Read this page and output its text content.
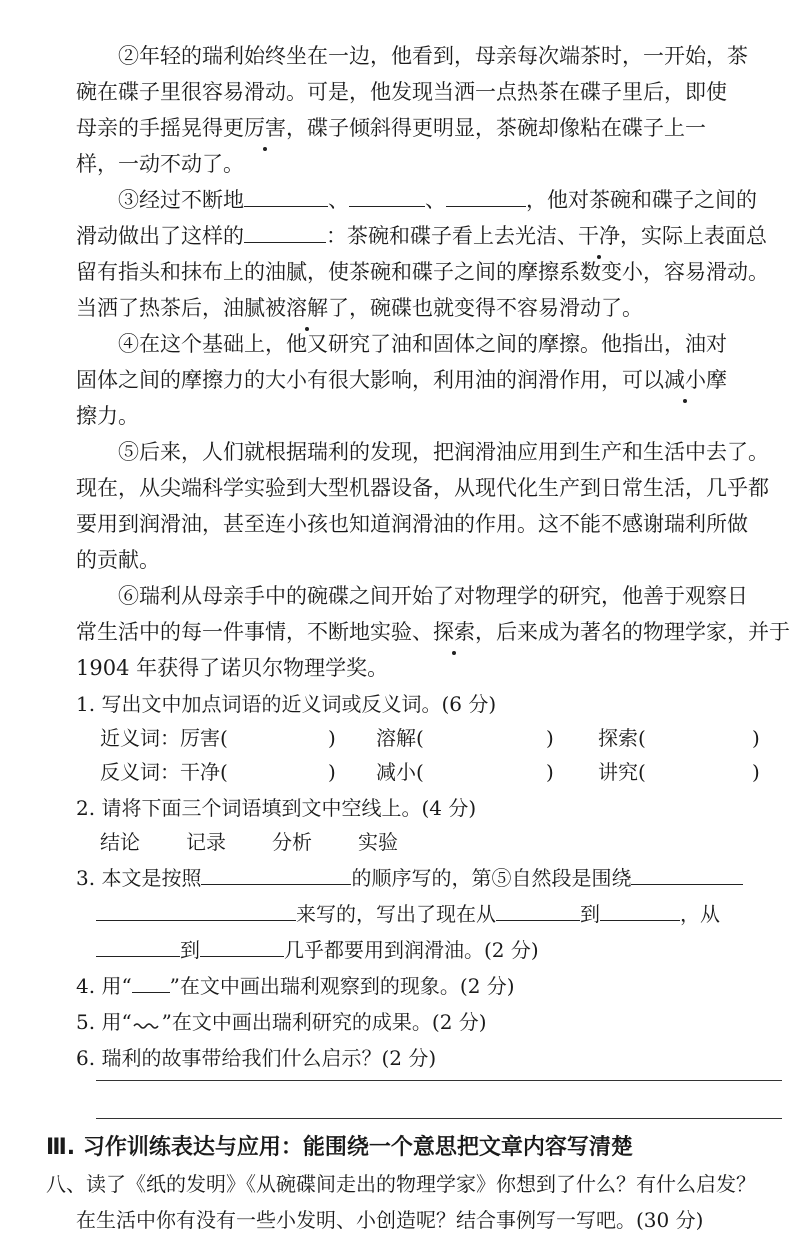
②年轻的瑞利始终坐在一边，他看到，母亲每次端茶时，一开始，茶
碗在碟子里很容易滑动。可是，他发现当洒一点热茶在碟子里后，即使
母亲的手摇晃得更厉害，碟子倾斜得更明显，茶碗却像粘在碟子上一
样，一动不动了。
③经过不断地	、	、	，他对茶碗和碟子之间的
滑动做出了这样的	：茶碗和碟子看上去光洁、干净，实际上表面总
留有指头和抹布上的油腻，使茶碗和碟子之间的摩擦系数变小，容易滑动。
当洒了热茶后，油腻被溶解了，碗碟也就变得不容易滑动了。
④在这个基础上，他又研究了油和固体之间的摩擦。他指出，油对
固体之间的摩擦力的大小有很大影响，利用油的润滑作用，可以减小摩
擦力。
⑤后来，人们就根据瑞利的发现，把润滑油应用到生产和生活中去了。
现在，从尖端科学实验到大型机器设备，从现代化生产到日常生活，几乎都
要用到润滑油，甚至连小孩也知道润滑油的作用。这不能不感谢瑞利所做
的贡献。
⑥瑞利从母亲手中的碗碟之间开始了对物理学的研究，他善于观察日
常生活中的每一件事情，不断地实验、探索，后来成为著名的物理学家，并于
1904 年获得了诺贝尔物理学奖。
1. 写出文中加点词语的近义词或反义词。(6 分)
近义词：厉害(	) 溶解(	) 探索(	)
反义词：干净(	) 减小(	) 讲究(	)
2. 请将下面三个词语填到文中空线上。(4 分)
结论 记录 分析 实验
3. 本文是按照	的顺序写的，第⑤自然段是围绕
来写的，写出了现在从	到	，从
到	几乎都要用到润滑油。(2 分)
4. 用“ ”在文中画出瑞利观察到的现象。(2 分)
5. 用“ ”在文中画出瑞利研究的成果。(2 分)
6. 瑞利的故事带给我们什么启示？(2 分)
Ⅲ. 习作训练表达与应用：能围绕一个意思把文章内容写清楚
八、读了《纸的发明》《从碗碟间走出的物理学家》你想到了什么？有什么启发？
在生活中你有没有一些小发明、小创造呢？结合事例写一写吧。(30 分)
